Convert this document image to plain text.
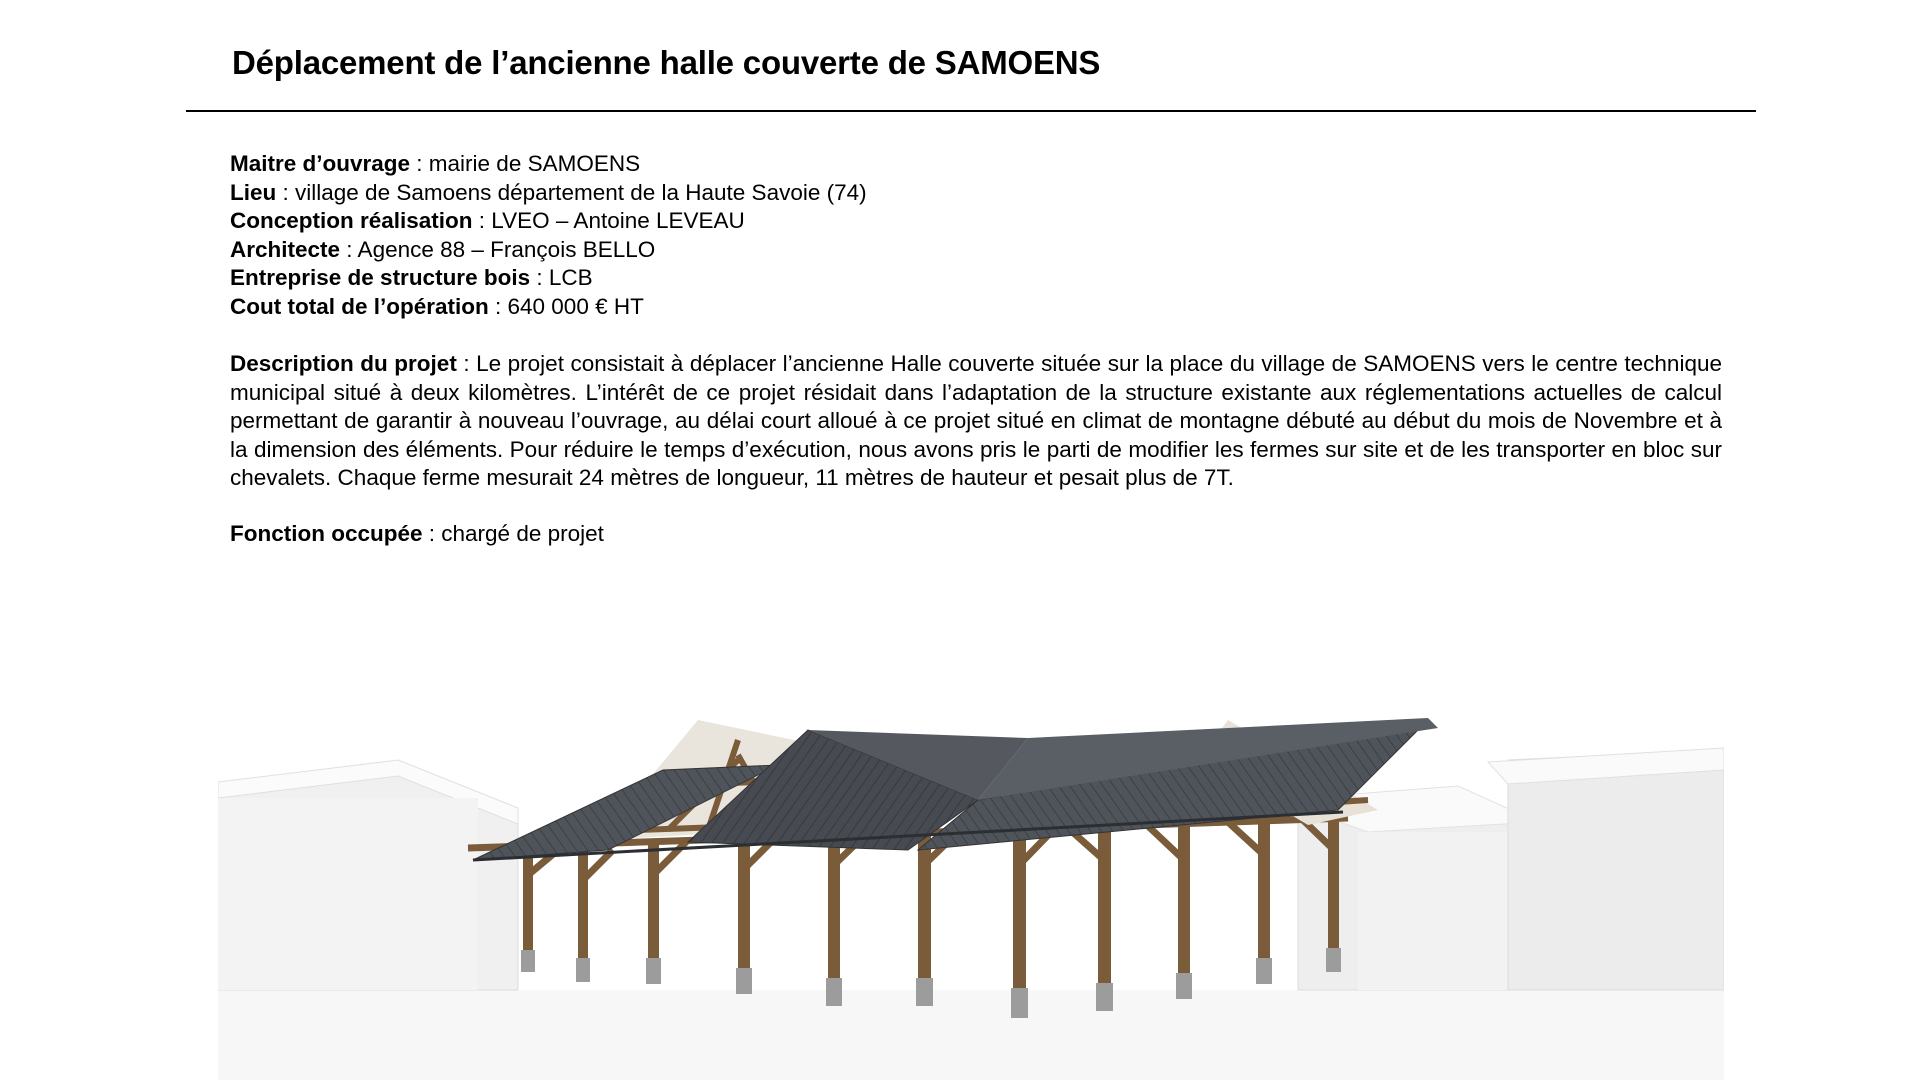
Déplacement de l’ancienne halle couverte de SAMOENS
Maitre d’ouvrage : mairie de SAMOENS
Lieu : village de Samoens département de la Haute Savoie (74)
Conception réalisation : LVEO – Antoine LEVEAU
Architecte : Agence 88 – François BELLO
Entreprise de structure bois : LCB
Cout total de l’opération : 640 000 € HT

Description du projet : Le projet consistait à déplacer l’ancienne Halle couverte située sur la place du village de SAMOENS vers le centre technique municipal situé à deux kilomètres. L’intérêt de ce projet résidait dans l’adaptation de la structure existante aux réglementations actuelles de calcul permettant de garantir à nouveau l’ouvrage, au délai court alloué à ce projet situé en climat de montagne débuté au début du mois de Novembre et à la dimension des éléments. Pour réduire le temps d’exécution, nous avons pris le parti de modifier les fermes sur site et de les transporter en bloc sur chevalets. Chaque ferme mesurait 24 mètres de longueur, 11 mètres de hauteur et pesait plus de 7T.

Fonction occupée : chargé de projet
